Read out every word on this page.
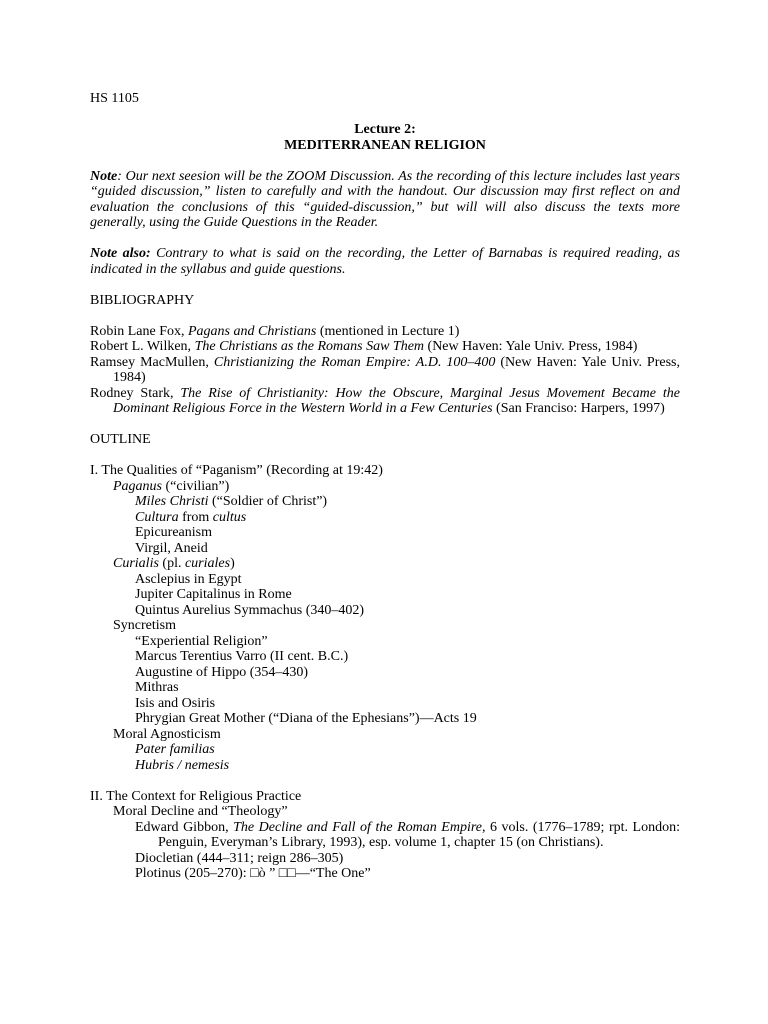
HS 1105
Lecture 2:
MEDITERRANEAN RELIGION
Note: Our next seesion will be the ZOOM Discussion. As the recording of this lecture includes last years “guided discussion,” listen to carefully and with the handout. Our discussion may first reflect on and evaluation the conclusions of this “guided-discussion,” but will will also discuss the texts more generally, using the Guide Questions in the Reader.
Note also: Contrary to what is said on the recording, the Letter of Barnabas is required reading, as indicated in the syllabus and guide questions.
BIBLIOGRAPHY
Robin Lane Fox, Pagans and Christians (mentioned in Lecture 1)
Robert L. Wilken, The Christians as the Romans Saw Them (New Haven: Yale Univ. Press, 1984)
Ramsey MacMullen, Christianizing the Roman Empire: A.D. 100–400 (New Haven: Yale Univ. Press, 1984)
Rodney Stark, The Rise of Christianity: How the Obscure, Marginal Jesus Movement Became the Dominant Religious Force in the Western World in a Few Centuries (San Franciso: Harpers, 1997)
OUTLINE
I. The Qualities of “Paganism” (Recording at 19:42)
Paganus (“civilian”)
Miles Christi (“Soldier of Christ”)
Cultura from cultus
Epicureanism
Virgil, Aneid
Curialis (pl. curiales)
Asclepius in Egypt
Jupiter Capitalinus in Rome
Quintus Aurelius Symmachus (340–402)
Syncretism
“Experiential Religion”
Marcus Terentius Varro (II cent. B.C.)
Augustine of Hippo (354–430)
Mithras
Isis and Osiris
Phrygian Great Mother (“Diana of the Ephesians”)—Acts 19
Moral Agnosticism
Pater familias
Hubris / nemesis
II. The Context for Religious Practice
Moral Decline and “Theology”
Edward Gibbon, The Decline and Fall of the Roman Empire, 6 vols. (1776–1789; rpt. London: Penguin, Everyman’s Library, 1993), esp. volume 1, chapter 15 (on Christians).
Diocletian (444–311; reign 286–305)
Plotinus (205–270): □ò ” □□—“The One”
